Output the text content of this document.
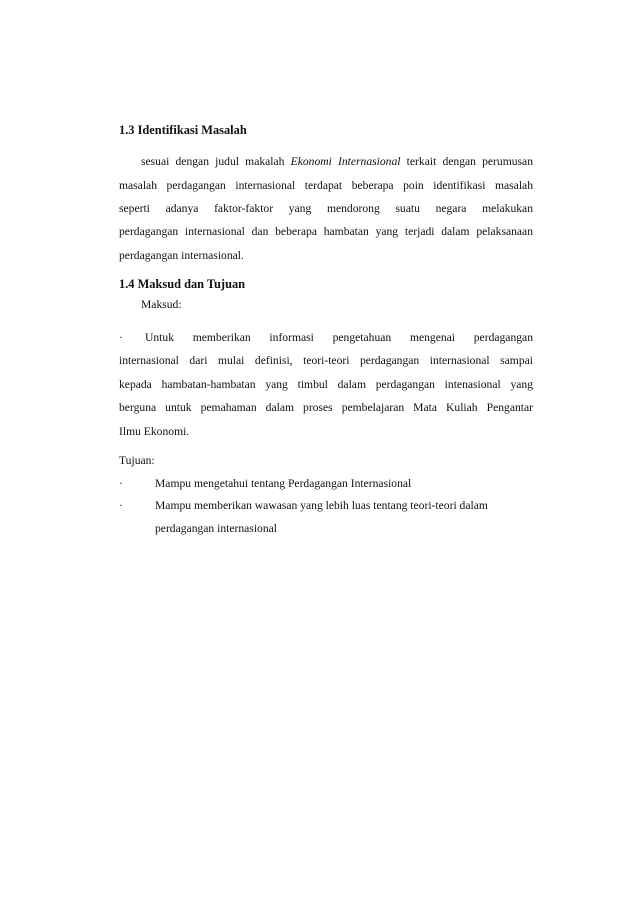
1.3 Identifikasi Masalah
sesuai dengan judul makalah Ekonomi Internasional terkait dengan perumusan
masalah perdagangan internasional terdapat beberapa poin identifikasi masalah
seperti adanya faktor-faktor yang mendorong suatu negara melakukan
perdagangan internasional dan beberapa hambatan yang terjadi dalam pelaksanaan
perdagangan internasional.
1.4 Maksud dan Tujuan
Maksud:
· Untuk memberikan informasi pengetahuan mengenai perdagangan
internasional dari mulai definisi, teori-teori perdagangan internasional sampai
kepada hambatan-hambatan yang timbul dalam perdagangan intenasional yang
berguna untuk pemahaman dalam proses pembelajaran Mata Kuliah Pengantar
Ilmu Ekonomi.
Tujuan:
·	Mampu mengetahui tentang Perdagangan Internasional
·	Mampu memberikan wawasan yang lebih luas tentang teori-teori dalam
perdagangan internasional
